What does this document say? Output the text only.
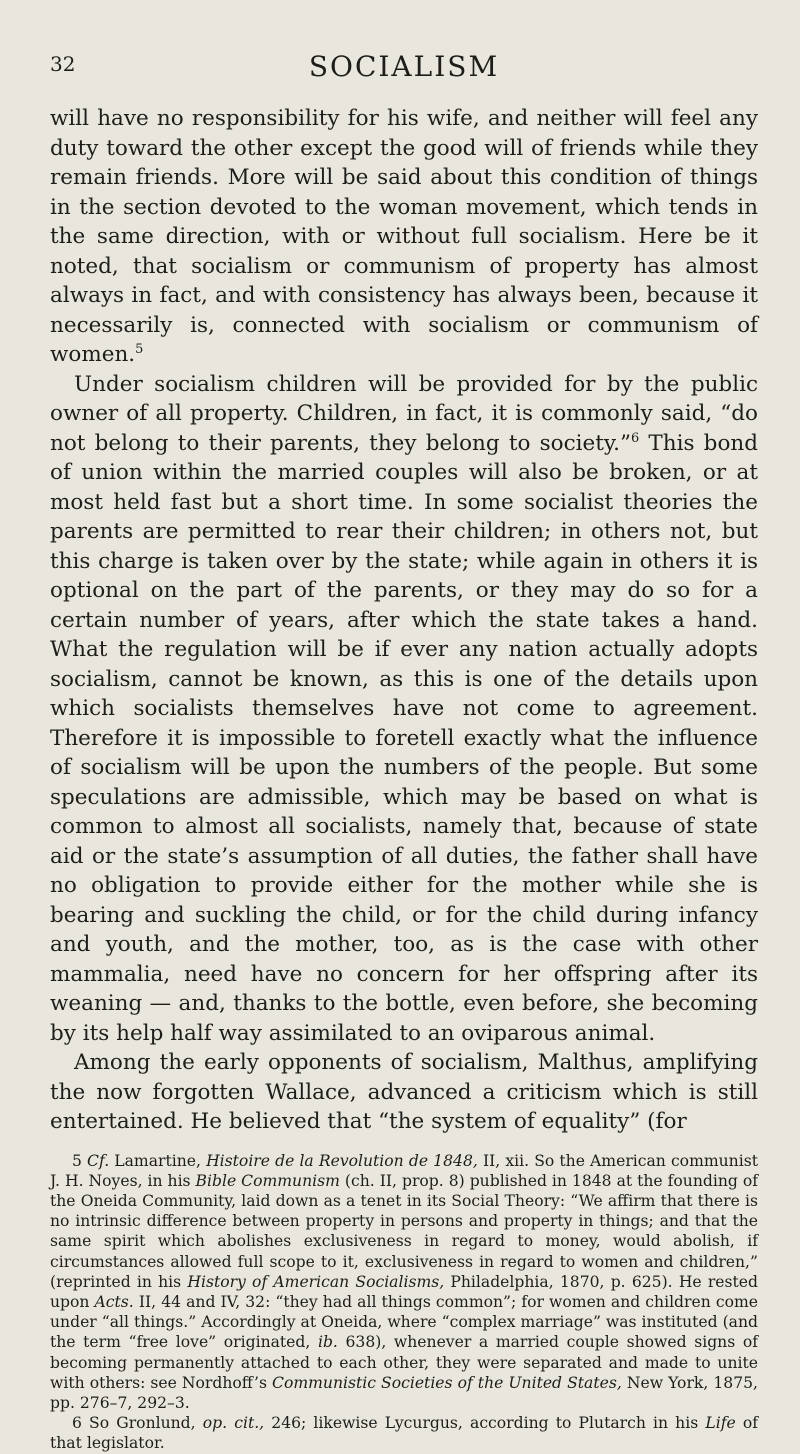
32	SOCIALISM

will have no responsibility for his wife, and neither will feel any duty toward the other except the good will of friends while they remain friends. More will be said about this condition of things in the section devoted to the woman movement, which tends in the same direction, with or without full socialism. Here be it noted, that socialism or communism of property has almost always in fact, and with consistency has always been, because it necessarily is, connected with socialism or communism of women.$^5$

Under socialism children will be provided for by the public owner of all property. Children, in fact, it is commonly said, “do not belong to their parents, they belong to society.”$^6$ This bond of union within the married couples will also be broken, or at most held fast but a short time. In some socialist theories the parents are permitted to rear their children; in others not, but this charge is taken over by the state; while again in others it is optional on the part of the parents, or they may do so for a certain number of years, after which the state takes a hand. What the regulation will be if ever any nation actually adopts socialism, cannot be known, as this is one of the details upon which socialists themselves have not come to agreement. Therefore it is impossible to foretell exactly what the influence of socialism will be upon the numbers of the people. But some speculations are admissible, which may be based on what is common to almost all socialists, namely that, because of state aid or the state’s assumption of all duties, the father shall have no obligation to provide either for the mother while she is bearing and suckling the child, or for the child during infancy and youth, and the mother, too, as is the case with other mammalia, need have no concern for her offspring after its weaning — and, thanks to the bottle, even before, she becoming by its help half way assimilated to an oviparous animal.

Among the early opponents of socialism, Malthus, amplifying the now forgotten Wallace, advanced a criticism which is still entertained. He believed that “the system of equality” (for

5 Cf. Lamartine, Histoire de la Revolution de 1848, II, xii. So the American communist J. H. Noyes, in his Bible Communism (ch. II, prop. 8) published in 1848 at the founding of the Oneida Community, laid down as a tenet in its Social Theory: “We affirm that there is no intrinsic difference between property in persons and property in things; and that the same spirit which abolishes exclusiveness in regard to money, would abolish, if circumstances allowed full scope to it, exclusiveness in regard to women and children,” (reprinted in his History of American Socialisms, Philadelphia, 1870, p. 625). He rested upon Acts. II, 44 and IV, 32: “they had all things common”; for women and children come under “all things.” Accordingly at Oneida, where “complex marriage” was instituted (and the term “free love” originated, ib. 638), whenever a married couple showed signs of becoming permanently attached to each other, they were separated and made to unite with others: see Nordhoff’s Communistic Societies of the United States, New York, 1875, pp. 276–7, 292–3.

6 So Gronlund, op. cit., 246; likewise Lycurgus, according to Plutarch in his Life of that legislator.
